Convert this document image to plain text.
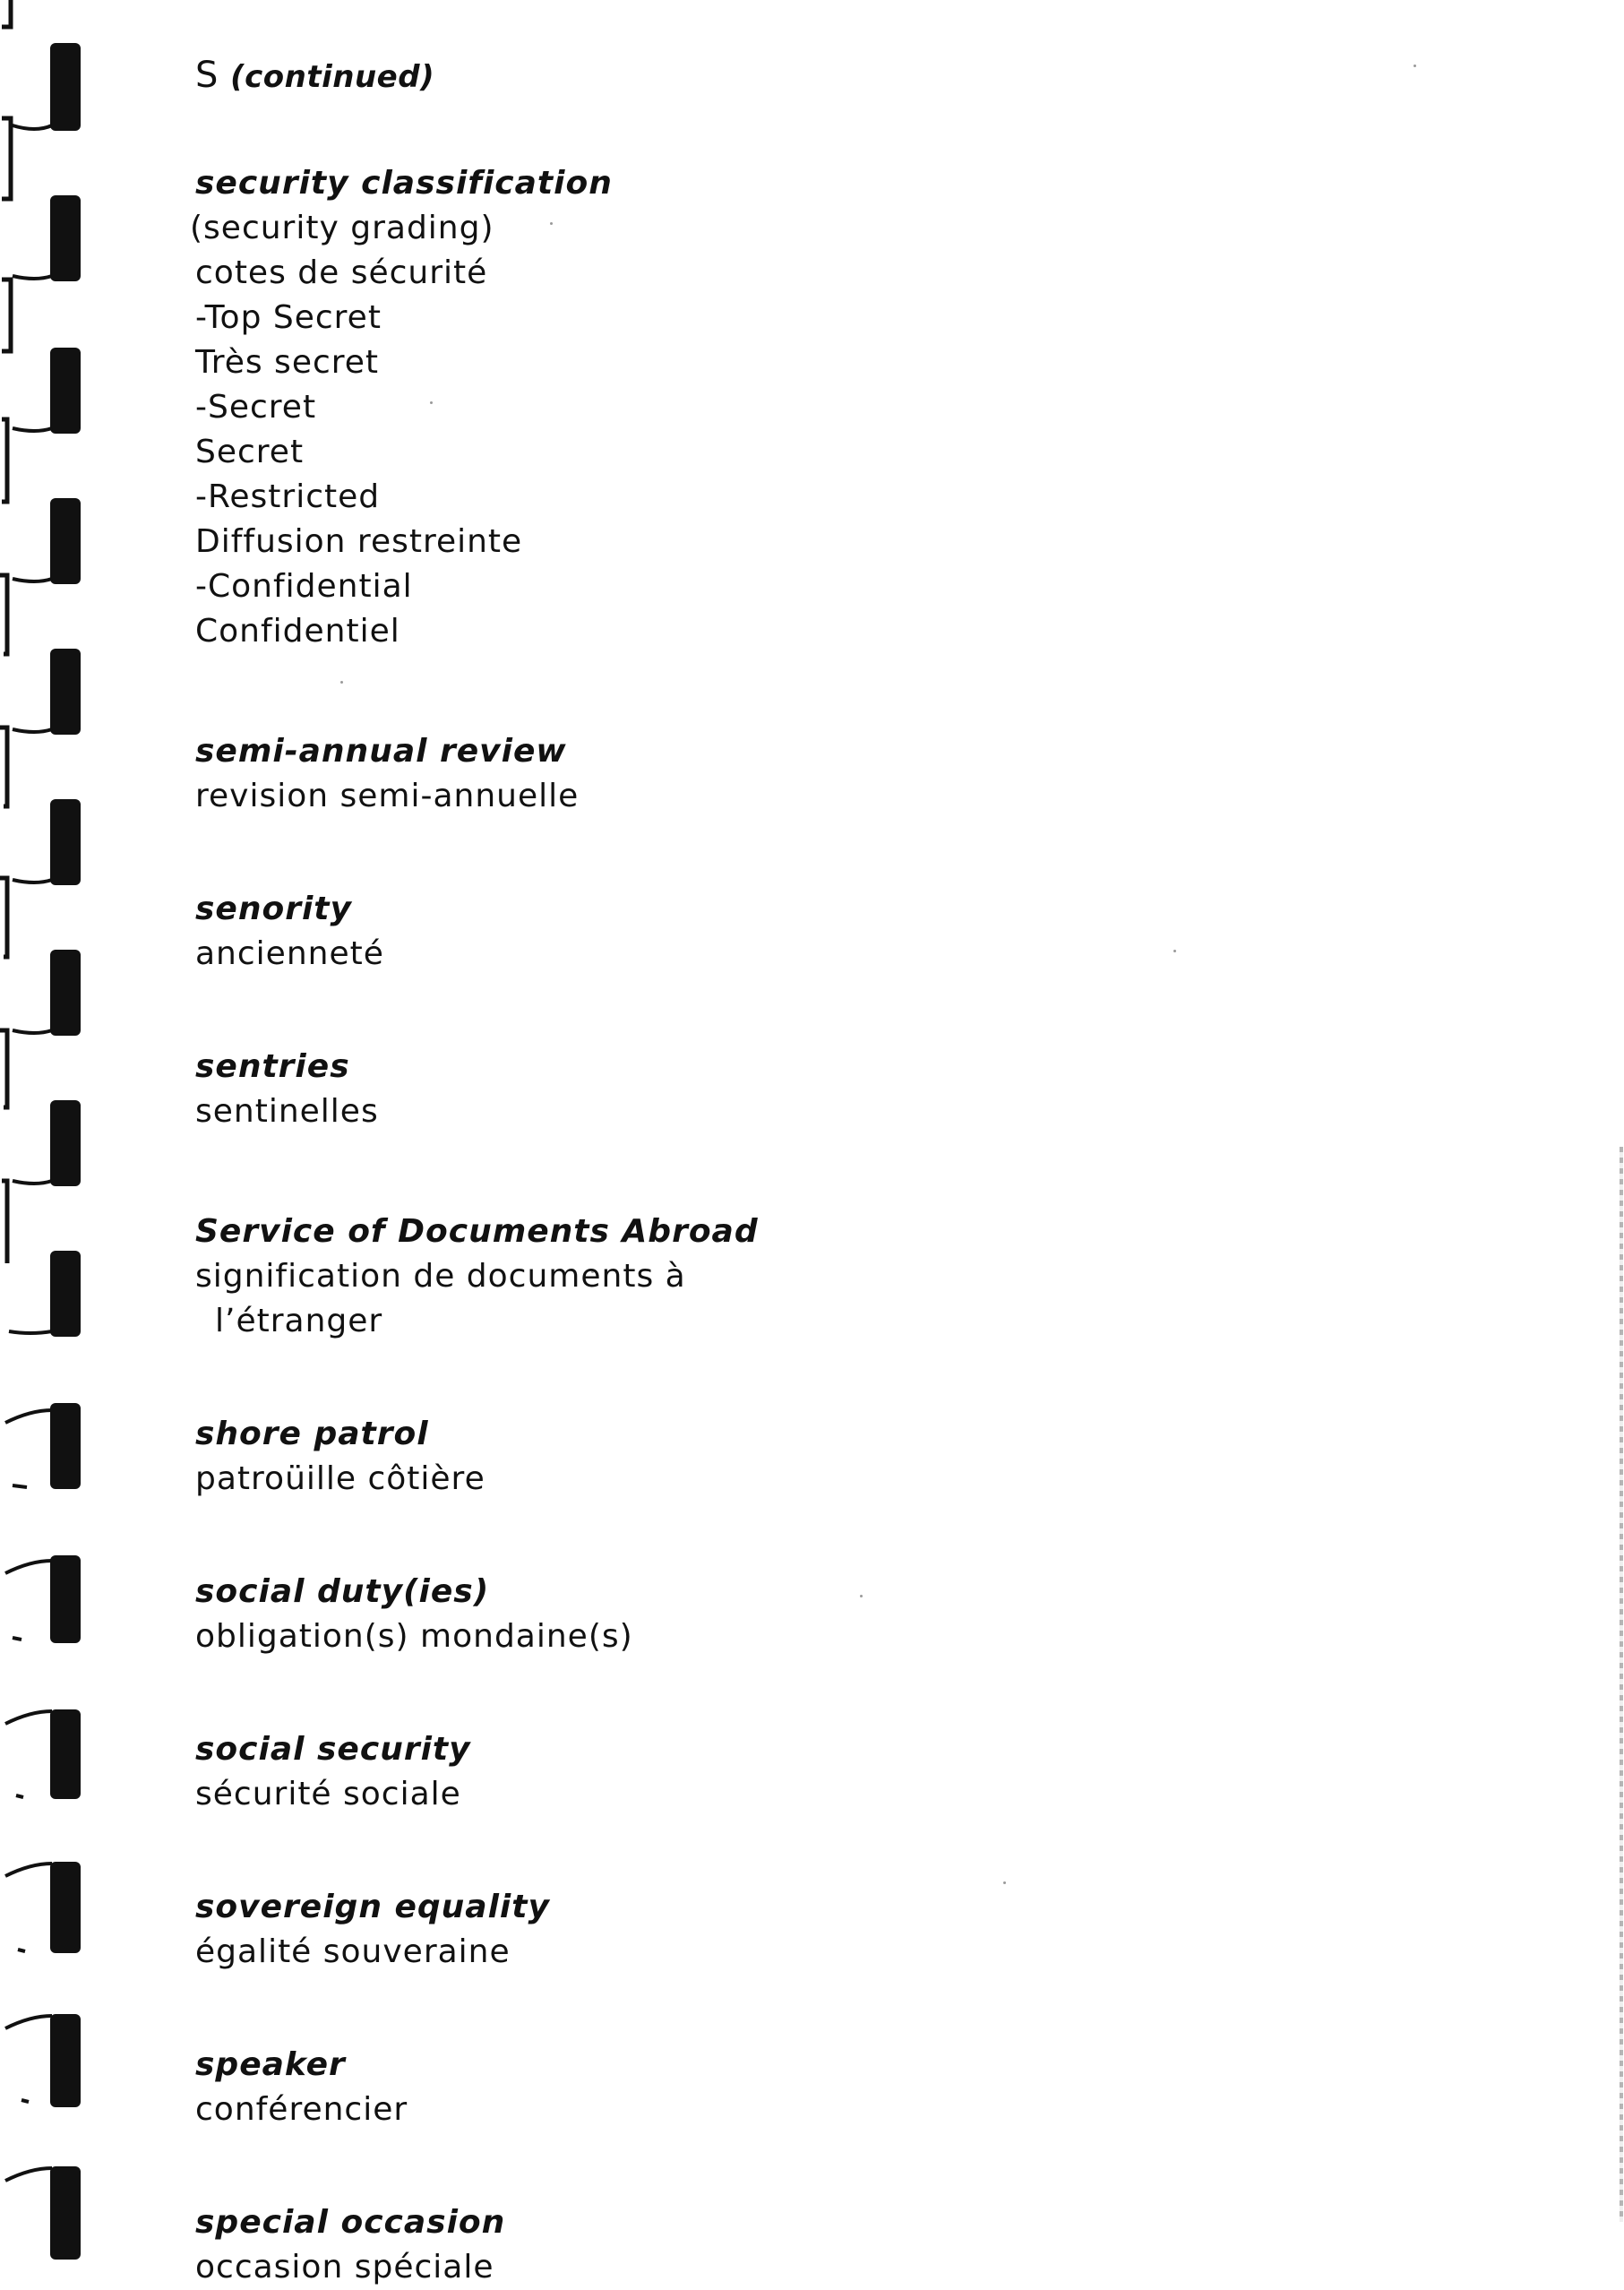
S (continued)
security classification
(security grading)
cotes de sécurité
-Top Secret
Très secret
-Secret
Secret
-Restricted
Diffusion restreinte
-Confidential
Confidentiel
semi-annual review
revision semi-annuelle
senority
ancienneté
sentries
sentinelles
Service of Documents Abroad
signification de documents à
l’étranger
shore patrol
patroüille côtière
social duty(ies)
obligation(s) mondaine(s)
social security
sécurité sociale
sovereign equality
égalité souveraine
speaker
conférencier
special occasion
occasion spéciale
